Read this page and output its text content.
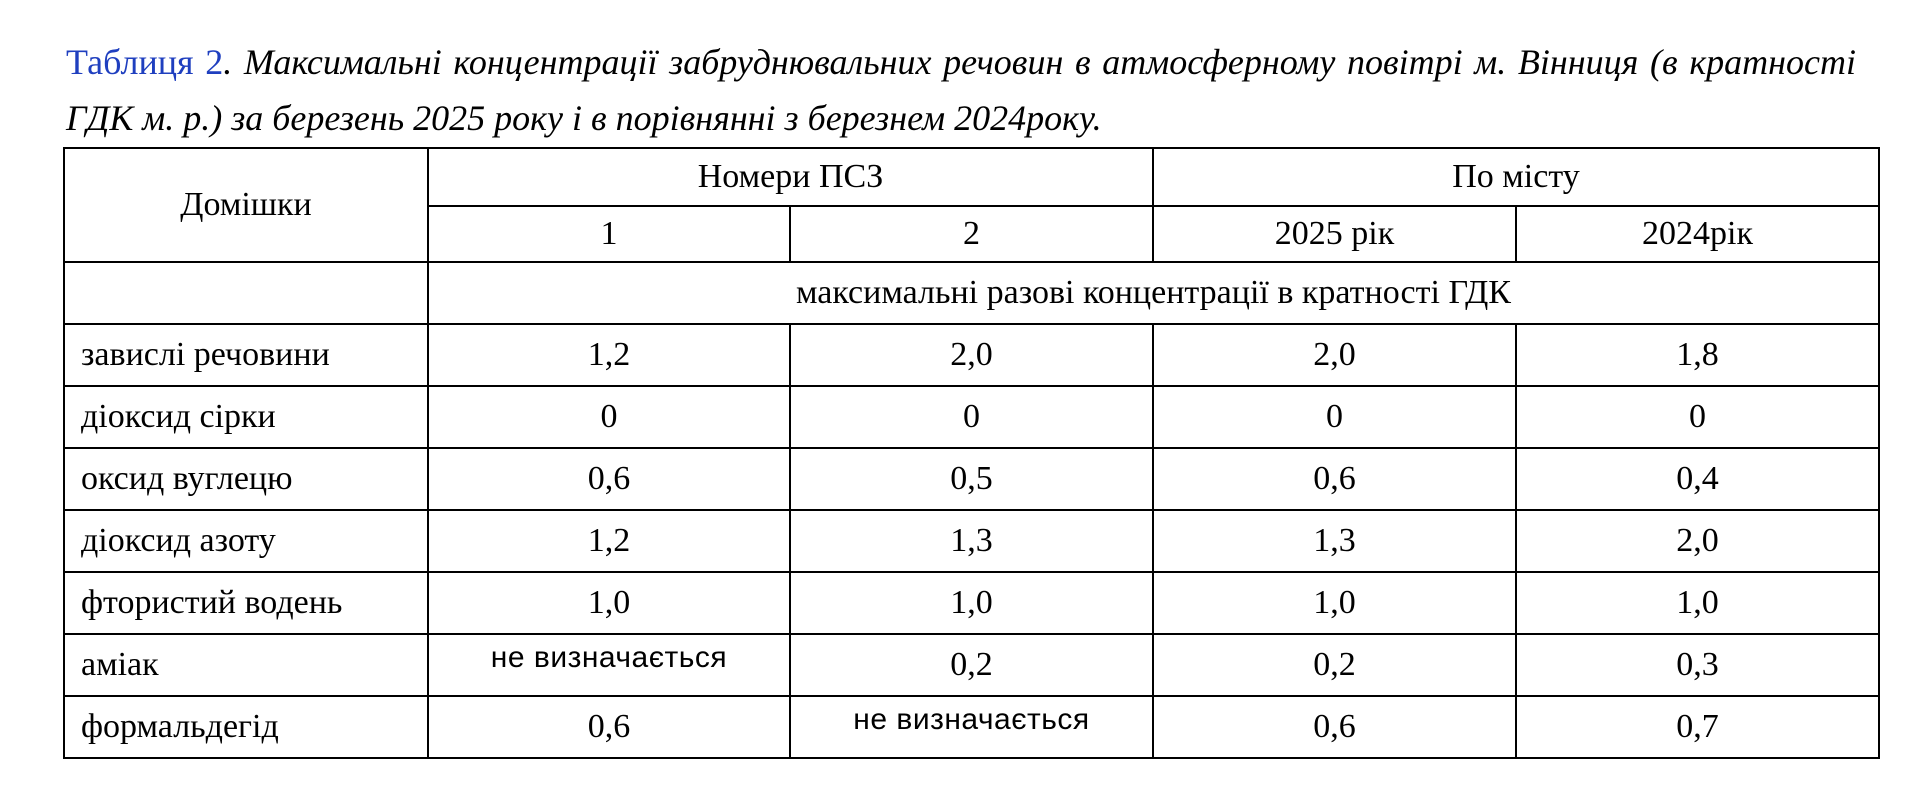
Таблиця 2. Максимальні концентрації забруднювальних речовин в атмосферному повітрі м. Вінниця (в кратності ГДК м. р.) за березень 2025 року і в порівнянні з березнем 2024року.

Домішки	Номери ПСЗ		По місту	
	1	2	2025 рік	2024рік
	максимальні разові концентрації в кратності ГДК			
завислі речовини	1,2	2,0	2,0	1,8
діоксид сірки	0	0	0	0
оксид вуглецю	0,6	0,5	0,6	0,4
діоксид азоту	1,2	1,3	1,3	2,0
фтористий водень	1,0	1,0	1,0	1,0
аміак	не визначається	0,2	0,2	0,3
формальдегід	0,6	не визначається	0,6	0,7
